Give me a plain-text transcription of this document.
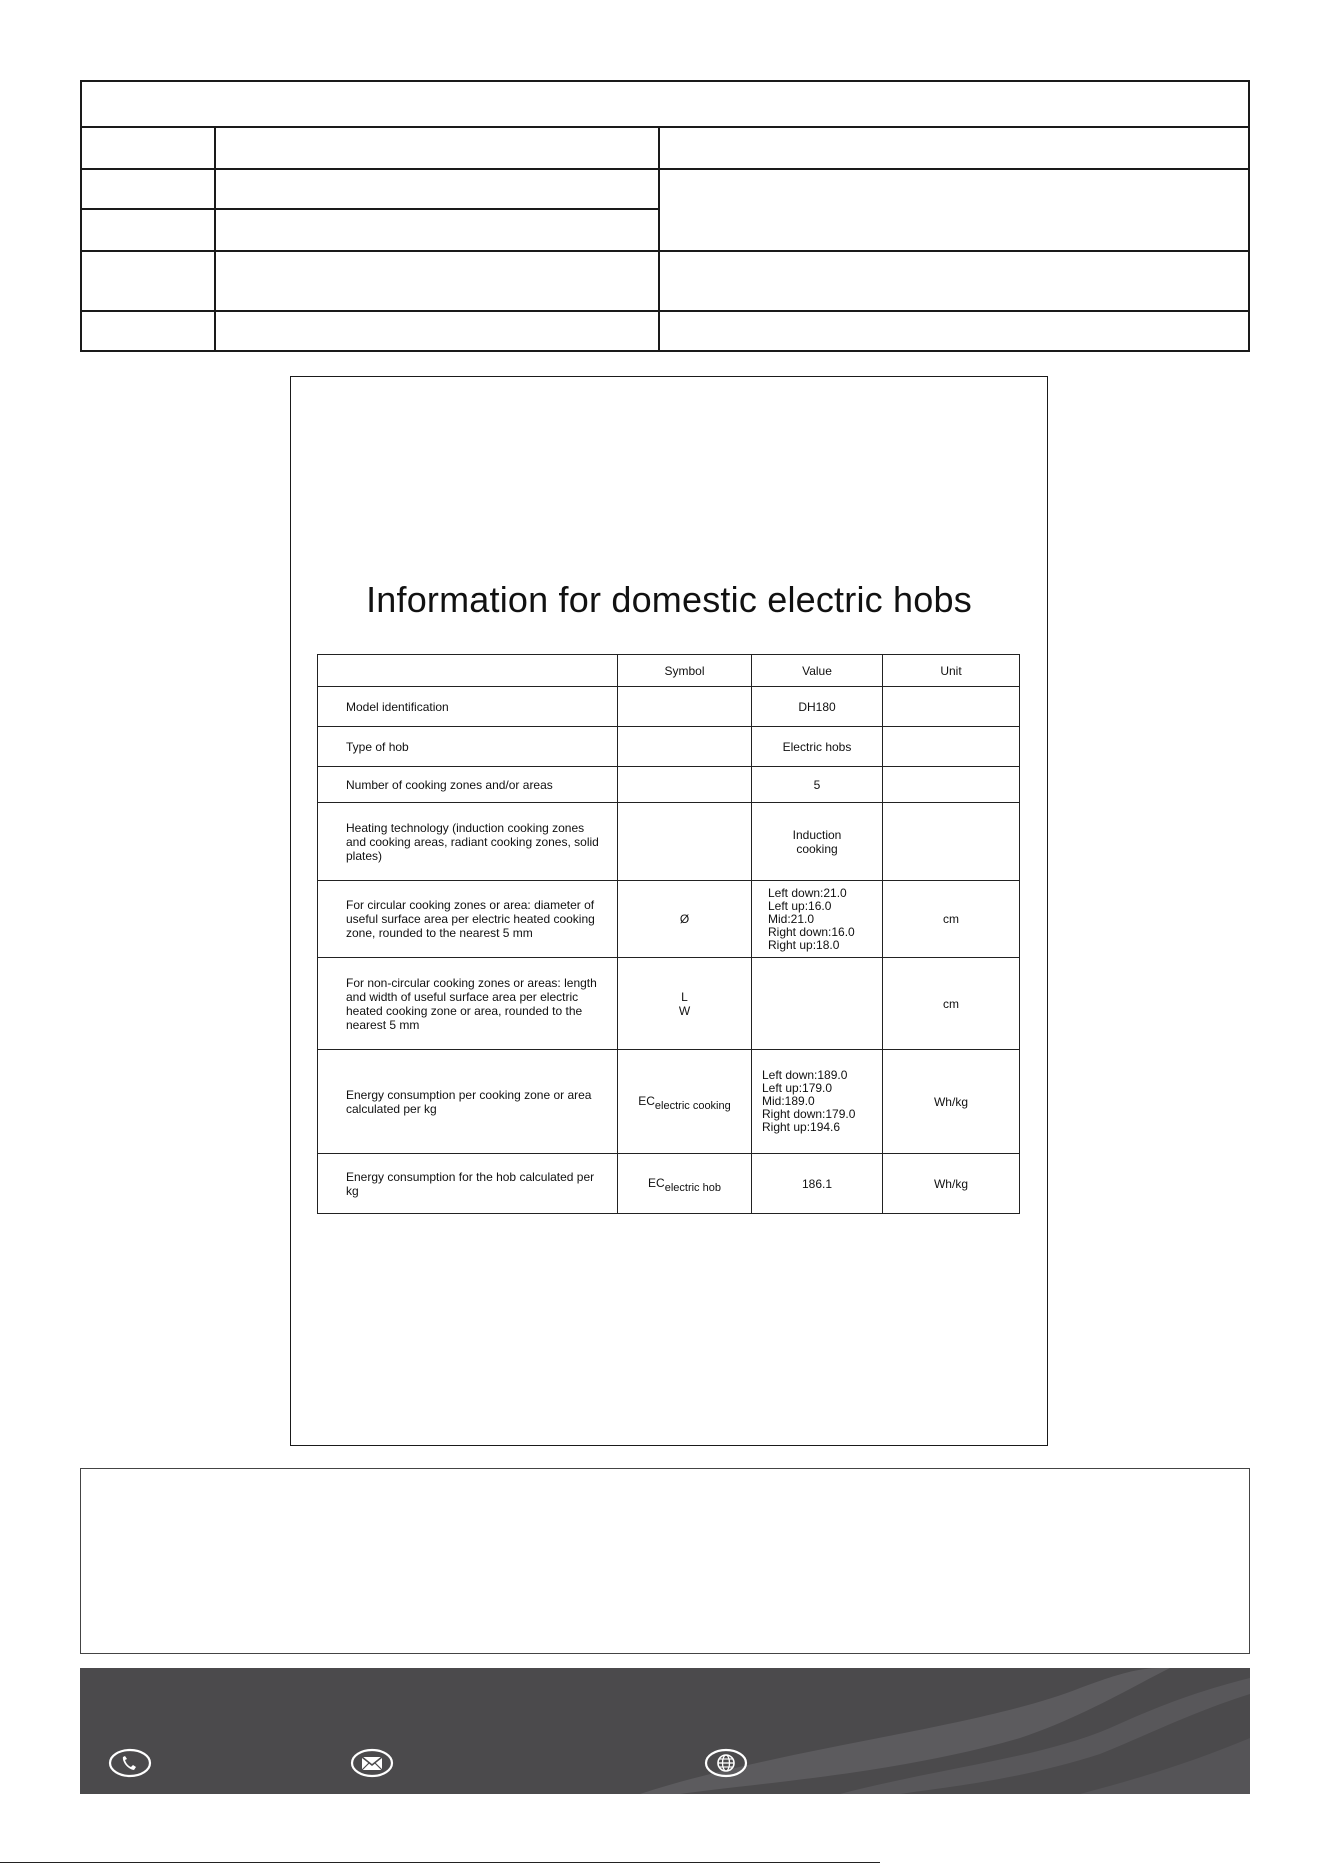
Information for domestic electric hobs
	Symbol	Value	Unit
Model identification		DH180	
Type of hob		Electric hobs	
Number of cooking zones and/or areas		5	
Heating technology (induction cooking zones and cooking areas, radiant cooking zones, solid plates)		Induction cooking	
For circular cooking zones or area: diameter of useful surface area per electric heated cooking zone, rounded to the nearest 5 mm	Ø	Left down:21.0
Left up:16.0
Mid:21.0
Right down:16.0
Right up:18.0	cm
For non-circular cooking zones or areas: length and width of useful surface area per electric heated cooking zone or area, rounded to the nearest 5 mm	L
W		cm
Energy consumption per cooking zone or area calculated per kg	ECelectric cooking	Left down:189.0
Left up:179.0
Mid:189.0
Right down:179.0
Right up:194.6	Wh/kg
Energy consumption for the hob calculated per kg	ECelectric hob	186.1	Wh/kg
